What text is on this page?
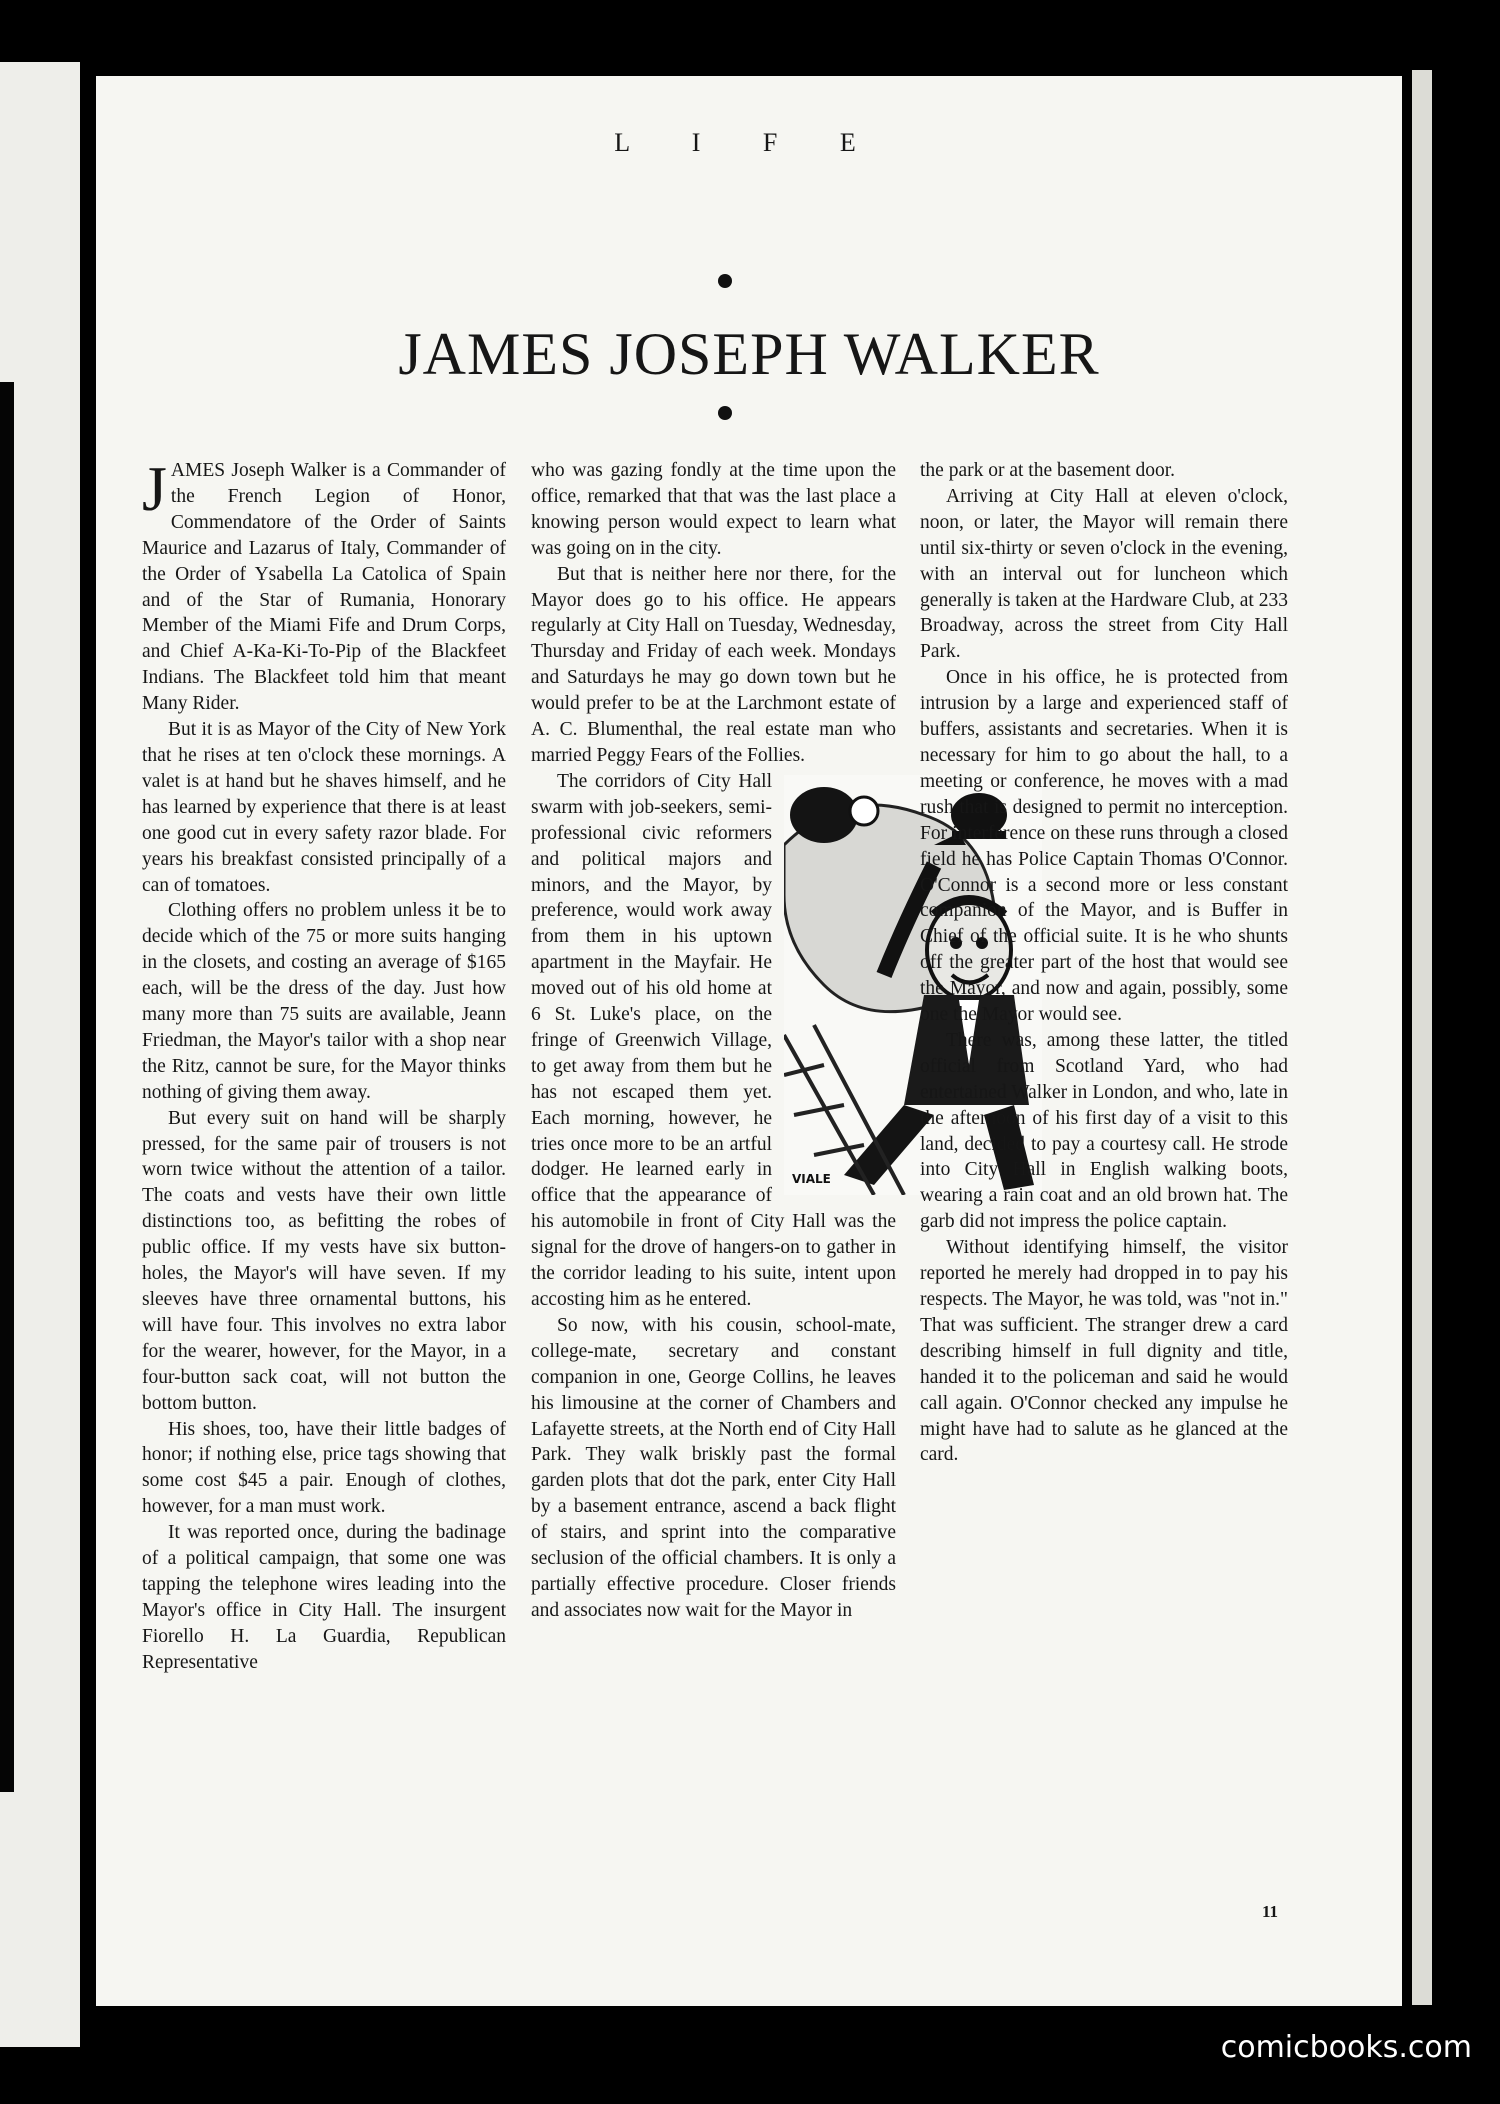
L I F E
JAMES JOSEPH WALKER

JAMES Joseph Walker is a Commander of the French Legion of Honor, Commendatore of the Order of Saints Maurice and Lazarus of Italy, Commander of the Order of Ysabella La Catolica of Spain and of the Star of Rumania, Honorary Member of the Miami Fife and Drum Corps, and Chief A-Ka-Ki-To-Pip of the Blackfeet Indians. The Blackfeet told him that meant Many Rider.

But it is as Mayor of the City of New York that he rises at ten o'clock these mornings. A valet is at hand but he shaves himself, and he has learned by experience that there is at least one good cut in every safety razor blade. For years his breakfast consisted principally of a can of tomatoes.

Clothing offers no problem unless it be to decide which of the 75 or more suits hanging in the closets, and costing an average of $165 each, will be the dress of the day. Just how many more than 75 suits are available, Jeann Friedman, the Mayor's tailor with a shop near the Ritz, cannot be sure, for the Mayor thinks nothing of giving them away.

But every suit on hand will be sharply pressed, for the same pair of trousers is not worn twice without the attention of a tailor. The coats and vests have their own little distinctions too, as befitting the robes of public office. If my vests have six button-holes, the Mayor's will have seven. If my sleeves have three ornamental buttons, his will have four. This involves no extra labor for the wearer, however, for the Mayor, in a four-button sack coat, will not button the bottom button.

His shoes, too, have their little badges of honor; if nothing else, price tags showing that some cost $45 a pair. Enough of clothes, however, for a man must work.

It was reported once, during the badinage of a political campaign, that some one was tapping the telephone wires leading into the Mayor's office in City Hall. The insurgent Fiorello H. La Guardia, Republican Representative

who was gazing fondly at the time upon the office, remarked that that was the last place a knowing person would expect to learn what was going on in the city.

But that is neither here nor there, for the Mayor does go to his office. He appears regularly at City Hall on Tuesday, Wednesday, Thursday and Friday of each week. Mondays and Saturdays he may go down town but he would prefer to be at the Larchmont estate of A. C. Blumenthal, the real estate man who married Peggy Fears of the Follies.

VIALE
The corridors of City Hall swarm with job-seekers, semi-professional civic reformers and political majors and minors, and the Mayor, by preference, would work away from them in his uptown apartment in the Mayfair. He moved out of his old home at 6 St. Luke's place, on the fringe of Greenwich Village, to get away from them but he has not escaped them yet. Each morning, however, he tries once more to be an artful dodger. He learned early in office that the appearance of his automobile in front of City Hall was the signal for the drove of hangers-on to gather in the corridor leading to his suite, intent upon accosting him as he entered.

So now, with his cousin, school-mate, college-mate, secretary and constant companion in one, George Collins, he leaves his limousine at the corner of Chambers and Lafayette streets, at the North end of City Hall Park. They walk briskly past the formal garden plots that dot the park, enter City Hall by a basement entrance, ascend a back flight of stairs, and sprint into the comparative seclusion of the official chambers. It is only a partially effective procedure. Closer friends and associates now wait for the Mayor in

the park or at the basement door.

Arriving at City Hall at eleven o'clock, noon, or later, the Mayor will remain there until six-thirty or seven o'clock in the evening, with an interval out for luncheon which generally is taken at the Hardware Club, at 233 Broadway, across the street from City Hall Park.

Once in his office, he is protected from intrusion by a large and experienced staff of buffers, assistants and secretaries. When it is necessary for him to go about the hall, to a meeting or conference, he moves with a mad rush that is designed to permit no interception. For interference on these runs through a closed field he has Police Captain Thomas O'Connor. O'Connor is a second more or less constant companion of the Mayor, and is Buffer in Chief of the official suite. It is he who shunts off the greater part of the host that would see the Mayor, and now and again, possibly, some one the Mayor would see.

There was, among these latter, the titled official from Scotland Yard, who had entertained Walker in London, and who, late in the afternoon of his first day of a visit to this land, decided to pay a courtesy call. He strode into City Hall in English walking boots, wearing a rain coat and an old brown hat. The garb did not impress the police captain.

Without identifying himself, the visitor reported he merely had dropped in to pay his respects. The Mayor, he was told, was "not in." That was sufficient. The stranger drew a card describing himself in full dignity and title, handed it to the policeman and said he would call again. O'Connor checked any impulse he might have had to salute as he glanced at the card.

11
comicbooks.com
